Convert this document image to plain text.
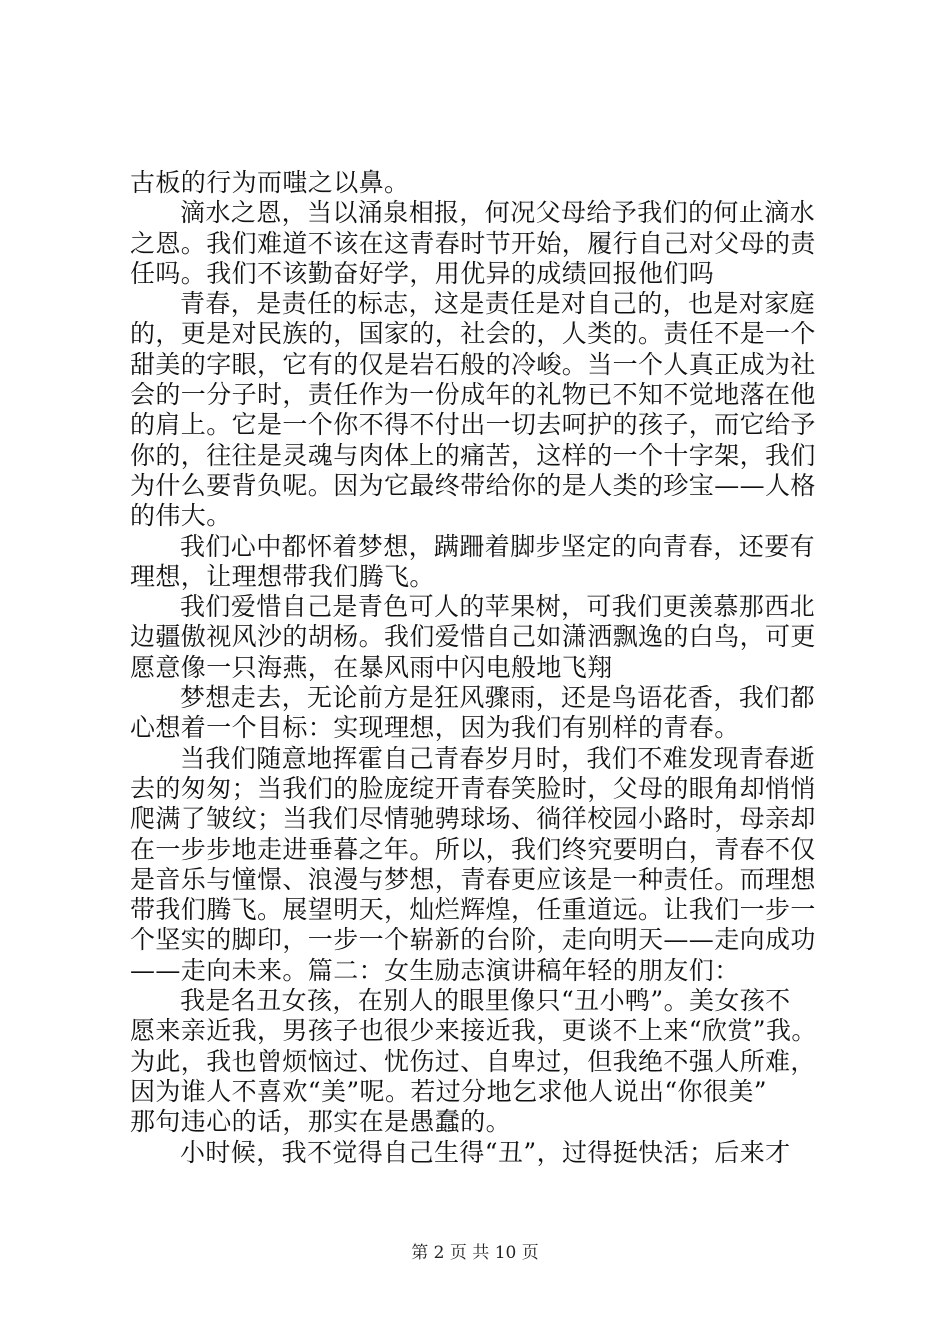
古板的行为而嗤之以鼻。
滴水之恩，当以涌泉相报，何况父母给予我们的何止滴水
之恩。我们难道不该在这青春时节开始，履行自己对父母的责
任吗。我们不该勤奋好学，用优异的成绩回报他们吗
青春，是责任的标志，这是责任是对自己的，也是对家庭
的，更是对民族的，国家的，社会的，人类的。责任不是一个
甜美的字眼，它有的仅是岩石般的冷峻。当一个人真正成为社
会的一分子时，责任作为一份成年的礼物已不知不觉地落在他
的肩上。它是一个你不得不付出一切去呵护的孩子，而它给予
你的，往往是灵魂与肉体上的痛苦，这样的一个十字架，我们
为什么要背负呢。因为它最终带给你的是人类的珍宝——人格
的伟大。
我们心中都怀着梦想，蹒跚着脚步坚定的向青春，还要有
理想，让理想带我们腾飞。
我们爱惜自己是青色可人的苹果树，可我们更羡慕那西北
边疆傲视风沙的胡杨。我们爱惜自己如潇洒飘逸的白鸟，可更
愿意像一只海燕，在暴风雨中闪电般地飞翔
梦想走去，无论前方是狂风骤雨，还是鸟语花香，我们都
心想着一个目标：实现理想，因为我们有别样的青春。
当我们随意地挥霍自己青春岁月时，我们不难发现青春逝
去的匆匆；当我们的脸庞绽开青春笑脸时，父母的眼角却悄悄
爬满了皱纹；当我们尽情驰骋球场、徜徉校园小路时，母亲却
在一步步地走进垂暮之年。所以，我们终究要明白，青春不仅
是音乐与憧憬、浪漫与梦想，青春更应该是一种责任。而理想
带我们腾飞。展望明天，灿烂辉煌，任重道远。让我们一步一
个坚实的脚印，一步一个崭新的台阶，走向明天——走向成功
——走向未来。篇二：女生励志演讲稿年轻的朋友们：
我是名丑女孩，在别人的眼里像只“丑小鸭”。美女孩不
愿来亲近我，男孩子也很少来接近我，更谈不上来“欣赏”我。
为此，我也曾烦恼过、忧伤过、自卑过，但我绝不强人所难，
因为谁人不喜欢“美”呢。若过分地乞求他人说出“你很美”
那句违心的话，那实在是愚蠢的。
小时候，我不觉得自己生得“丑”，过得挺快活；后来才
第 2 页 共 10 页
